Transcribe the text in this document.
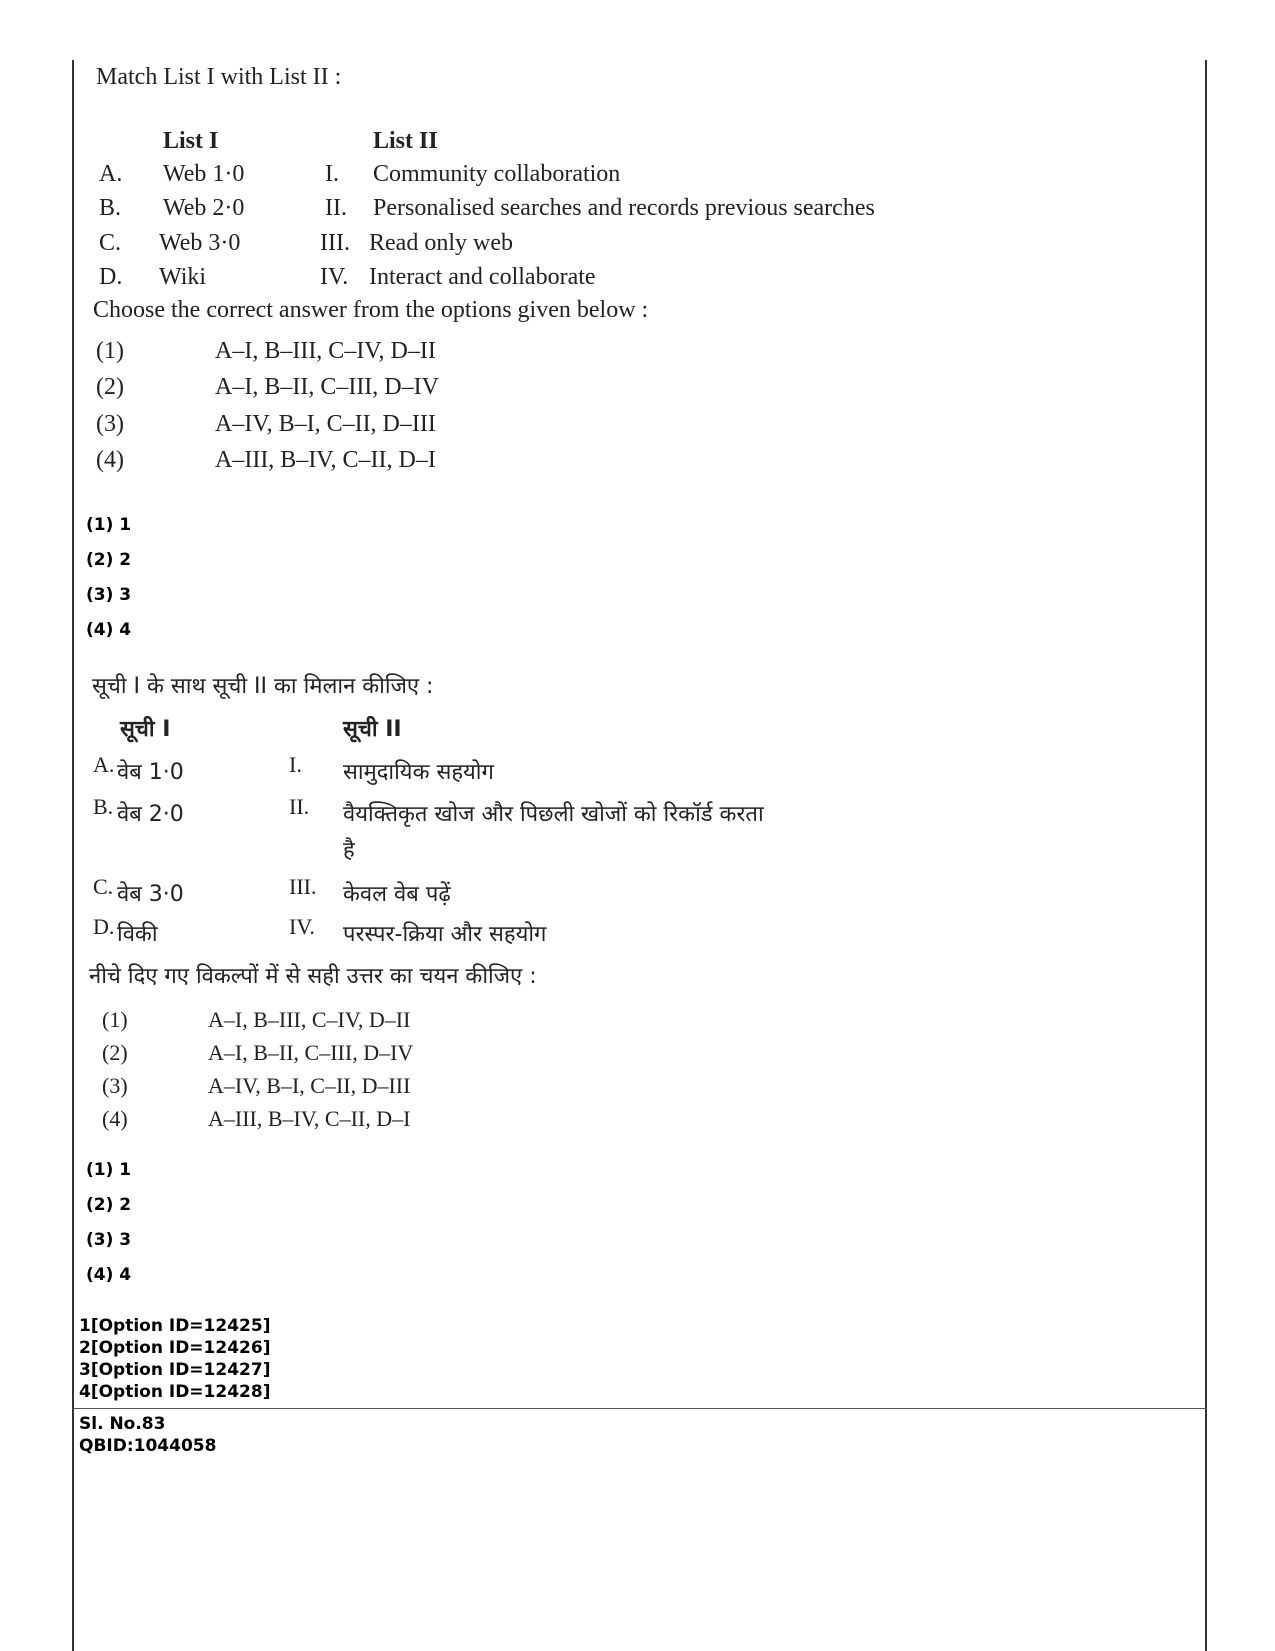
Match List I with List II :
List I	List II
A. Web 1·0	I. Community collaboration
B. Web 2·0	II. Personalised searches and records previous searches
C. Web 3·0	III. Read only web
D. Wiki	IV. Interact and collaborate
Choose the correct answer from the options given below :
(1)	A–I, B–III, C–IV, D–II
(2)	A–I, B–II, C–III, D–IV
(3)	A–IV, B–I, C–II, D–III
(4)	A–III, B–IV, C–II, D–I
(1) 1
(2) 2
(3) 3
(4) 4
सूची I के साथ सूची II का मिलान कीजिए :
सूची I	सूची II
A. वेब 1·0	I. सामुदायिक सहयोग
B. वेब 2·0	II. वैयक्तिकृत खोज और पिछली खोजों को रिकॉर्ड करता
है
C. वेब 3·0	III. केवल वेब पढ़ें
D. विकी	IV. परस्पर-क्रिया और सहयोग
नीचे दिए गए विकल्पों में से सही उत्तर का चयन कीजिए :
(1)	A–I, B–III, C–IV, D–II
(2)	A–I, B–II, C–III, D–IV
(3)	A–IV, B–I, C–II, D–III
(4)	A–III, B–IV, C–II, D–I
(1) 1
(2) 2
(3) 3
(4) 4
1[Option ID=12425]
2[Option ID=12426]
3[Option ID=12427]
4[Option ID=12428]
Sl. No.83
QBID:1044058
